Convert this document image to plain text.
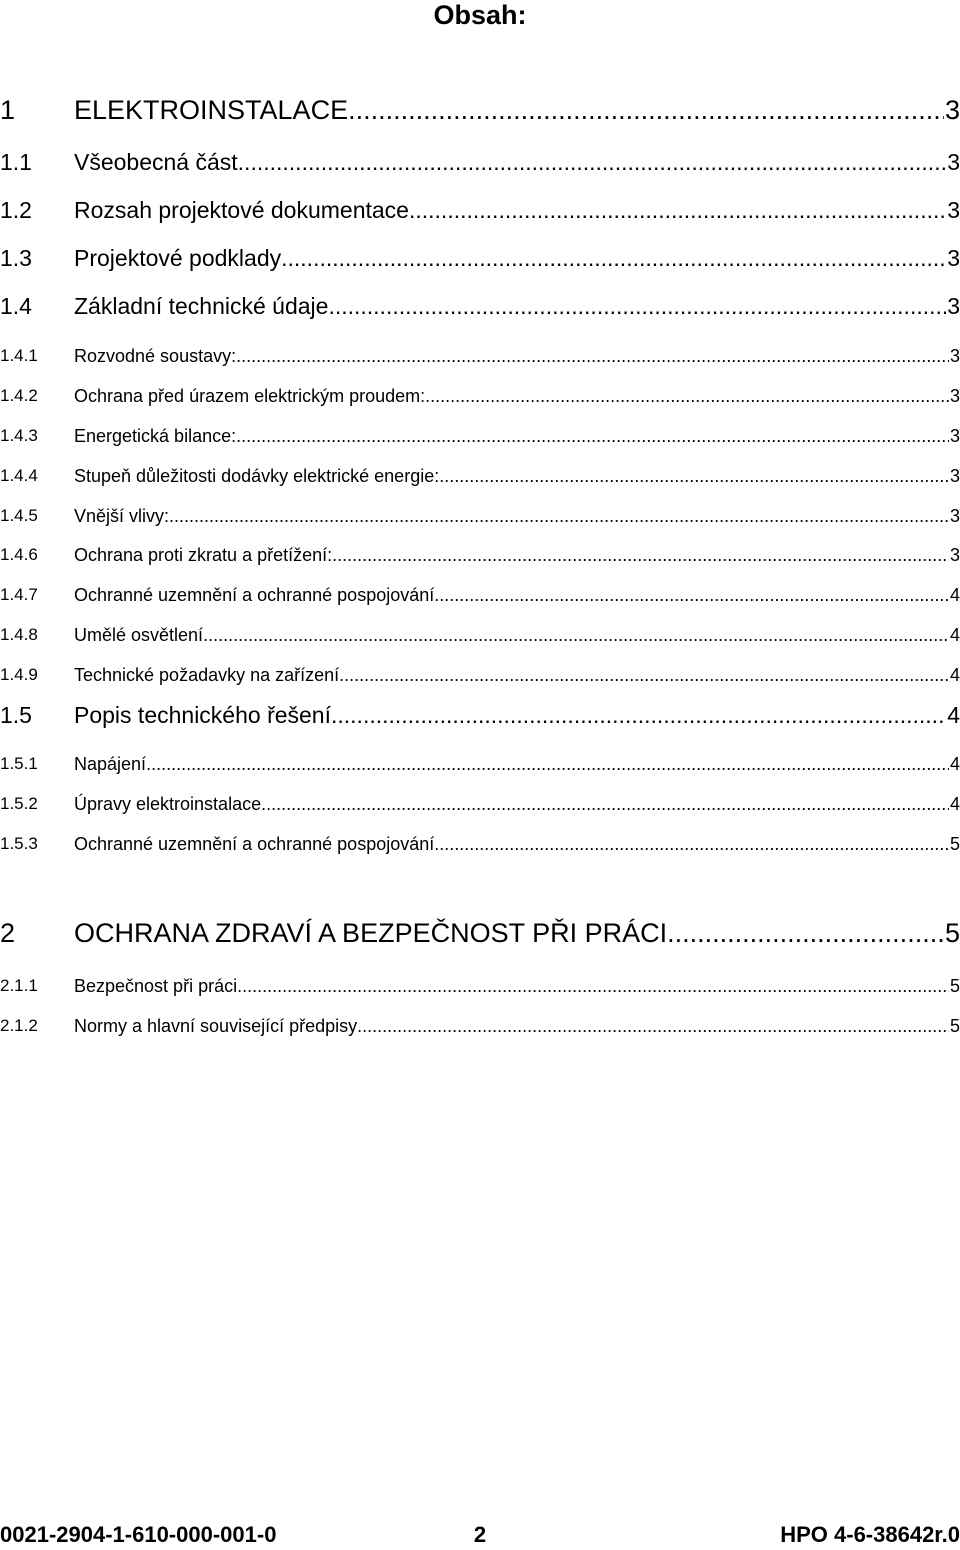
Obsah:
1 ELEKTROINSTALACE .....	3
1.1 Všeobecná část .....	3
1.2 Rozsah projektové dokumentace .....	3
1.3 Projektové podklady .....	3
1.4 Základní technické údaje .....	3
1.4.1 Rozvodné soustavy: .....	3
1.4.2 Ochrana před úrazem elektrickým proudem: .....	3
1.4.3 Energetická bilance: .....	3
1.4.4 Stupeň důležitosti dodávky elektrické energie: .....	3
1.4.5 Vnější vlivy: .....	3
1.4.6 Ochrana proti zkratu a přetížení: .....	3
1.4.7 Ochranné uzemnění a ochranné pospojování .....	4
1.4.8 Umělé osvětlení .....	4
1.4.9 Technické požadavky na zařízení .....	4
1.5 Popis technického řešení .....	4
1.5.1 Napájení .....	4
1.5.2 Úpravy elektroinstalace .....	4
1.5.3 Ochranné uzemnění a ochranné pospojování .....	5
2 OCHRANA ZDRAVÍ A BEZPEČNOST PŘI PRÁCI .....	5
2.1.1 Bezpečnost při práci .....	5
2.1.2 Normy a hlavní související předpisy .....	5
0021-2904-1-610-000-001-0	2	HPO 4-6-38642r.0
